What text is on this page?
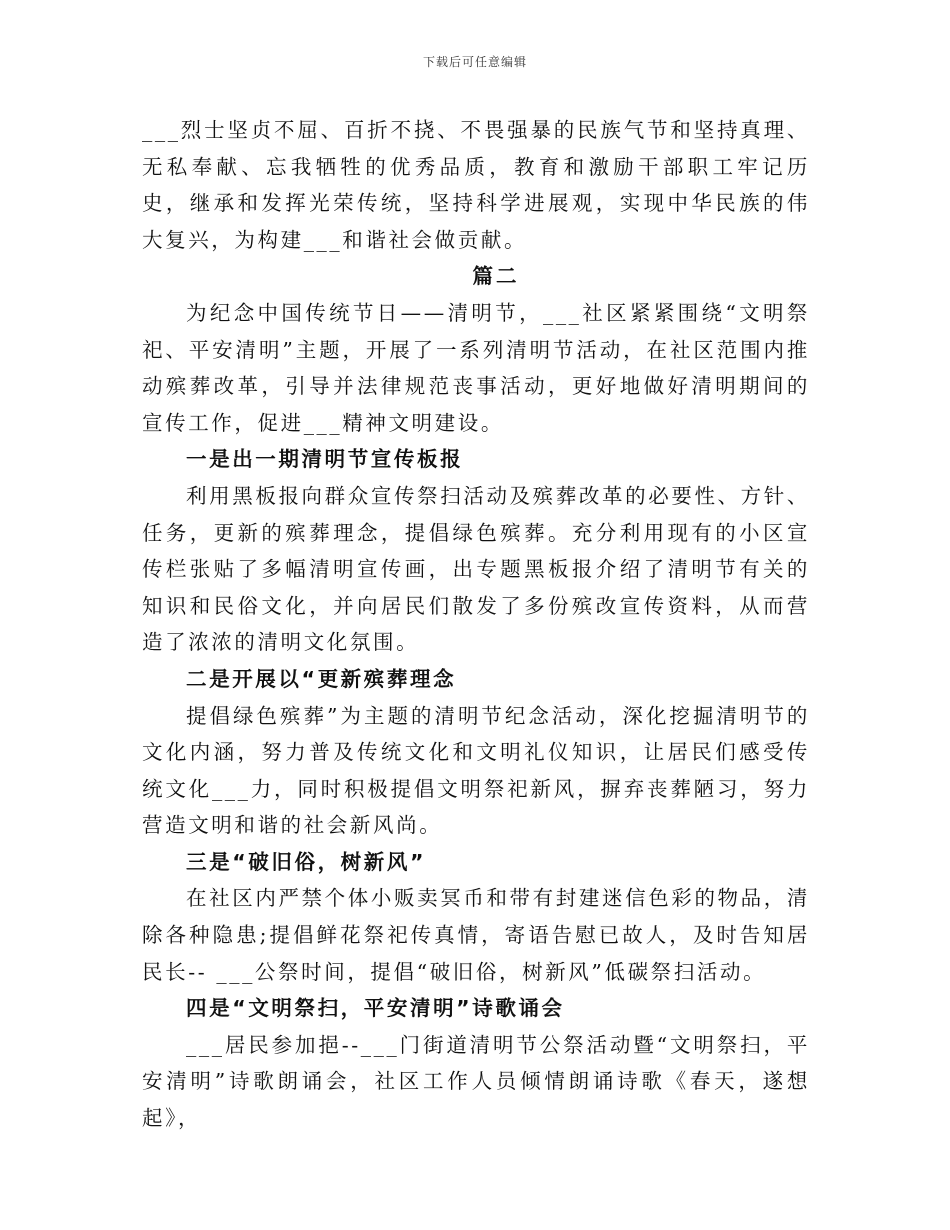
下载后可任意编辑

___烈士坚贞不屈、百折不挠、不畏强暴的民族气节和坚持真理、无私奉献、忘我牺牲的优秀品质，教育和激励干部职工牢记历史，继承和发挥光荣传统，坚持科学进展观，实现中华民族的伟大复兴，为构建___和谐社会做贡献。

篇二

为纪念中国传统节日——清明节，___社区紧紧围绕“文明祭祀、平安清明”主题，开展了一系列清明节活动，在社区范围内推动殡葬改革，引导并法律规范丧事活动，更好地做好清明期间的宣传工作，促进___精神文明建设。

一是出一期清明节宣传板报

利用黑板报向群众宣传祭扫活动及殡葬改革的必要性、方针、任务，更新的殡葬理念，提倡绿色殡葬。充分利用现有的小区宣传栏张贴了多幅清明宣传画，出专题黑板报介绍了清明节有关的知识和民俗文化，并向居民们散发了多份殡改宣传资料，从而营造了浓浓的清明文化氛围。

二是开展以“更新殡葬理念

提倡绿色殡葬”为主题的清明节纪念活动，深化挖掘清明节的文化内涵，努力普及传统文化和文明礼仪知识，让居民们感受传统文化___力，同时积极提倡文明祭祀新风，摒弃丧葬陋习，努力营造文明和谐的社会新风尚。

三是“破旧俗，树新风”

在社区内严禁个体小贩卖冥币和带有封建迷信色彩的物品，清除各种隐患;提倡鲜花祭祀传真情，寄语告慰已故人，及时告知居民长-- ___公祭时间，提倡“破旧俗，树新风”低碳祭扫活动。

四是“文明祭扫，平安清明”诗歌诵会

___居民参加挹--___门街道清明节公祭活动暨“文明祭扫，平安清明”诗歌朗诵会，社区工作人员倾情朗诵诗歌《春天，遂想起》，
